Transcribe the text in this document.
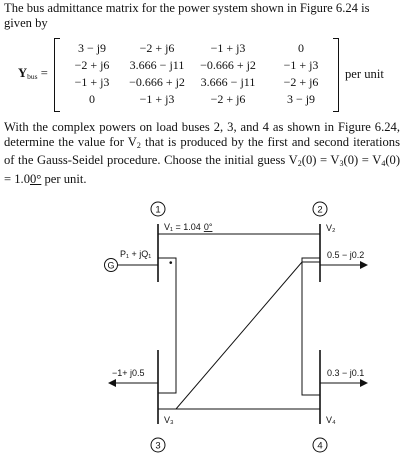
The bus admittance matrix for the power system shown in Figure 6.24 is given by

$Y_{bus}$ =
3 − j9	−2 + j6	−1 + j3	0
−2 + j6	3.666 − j11	−0.666 + j2	−1 + j3
−1 + j3	−0.666 + j2	3.666 − j11	−2 + j6
0	−1 + j3	−2 + j6	3 − j9
per unit

With the complex powers on load buses 2, 3, and 4 as shown in Figure 6.24, determine the value for $V_2$ that is produced by the first and second iterations of the Gauss-Seidel procedure. Choose the initial guess $V_2(0) = V_3(0) = V_4(0) = 1.00^\circ$ per unit.

G
P₁ + jQ₁
•
0.5 − j0.2
−1+ j0.5	0.3 − j0.1
V₁ = 1.04 0°	V₂
V₃	V₄
1	2
3	4
